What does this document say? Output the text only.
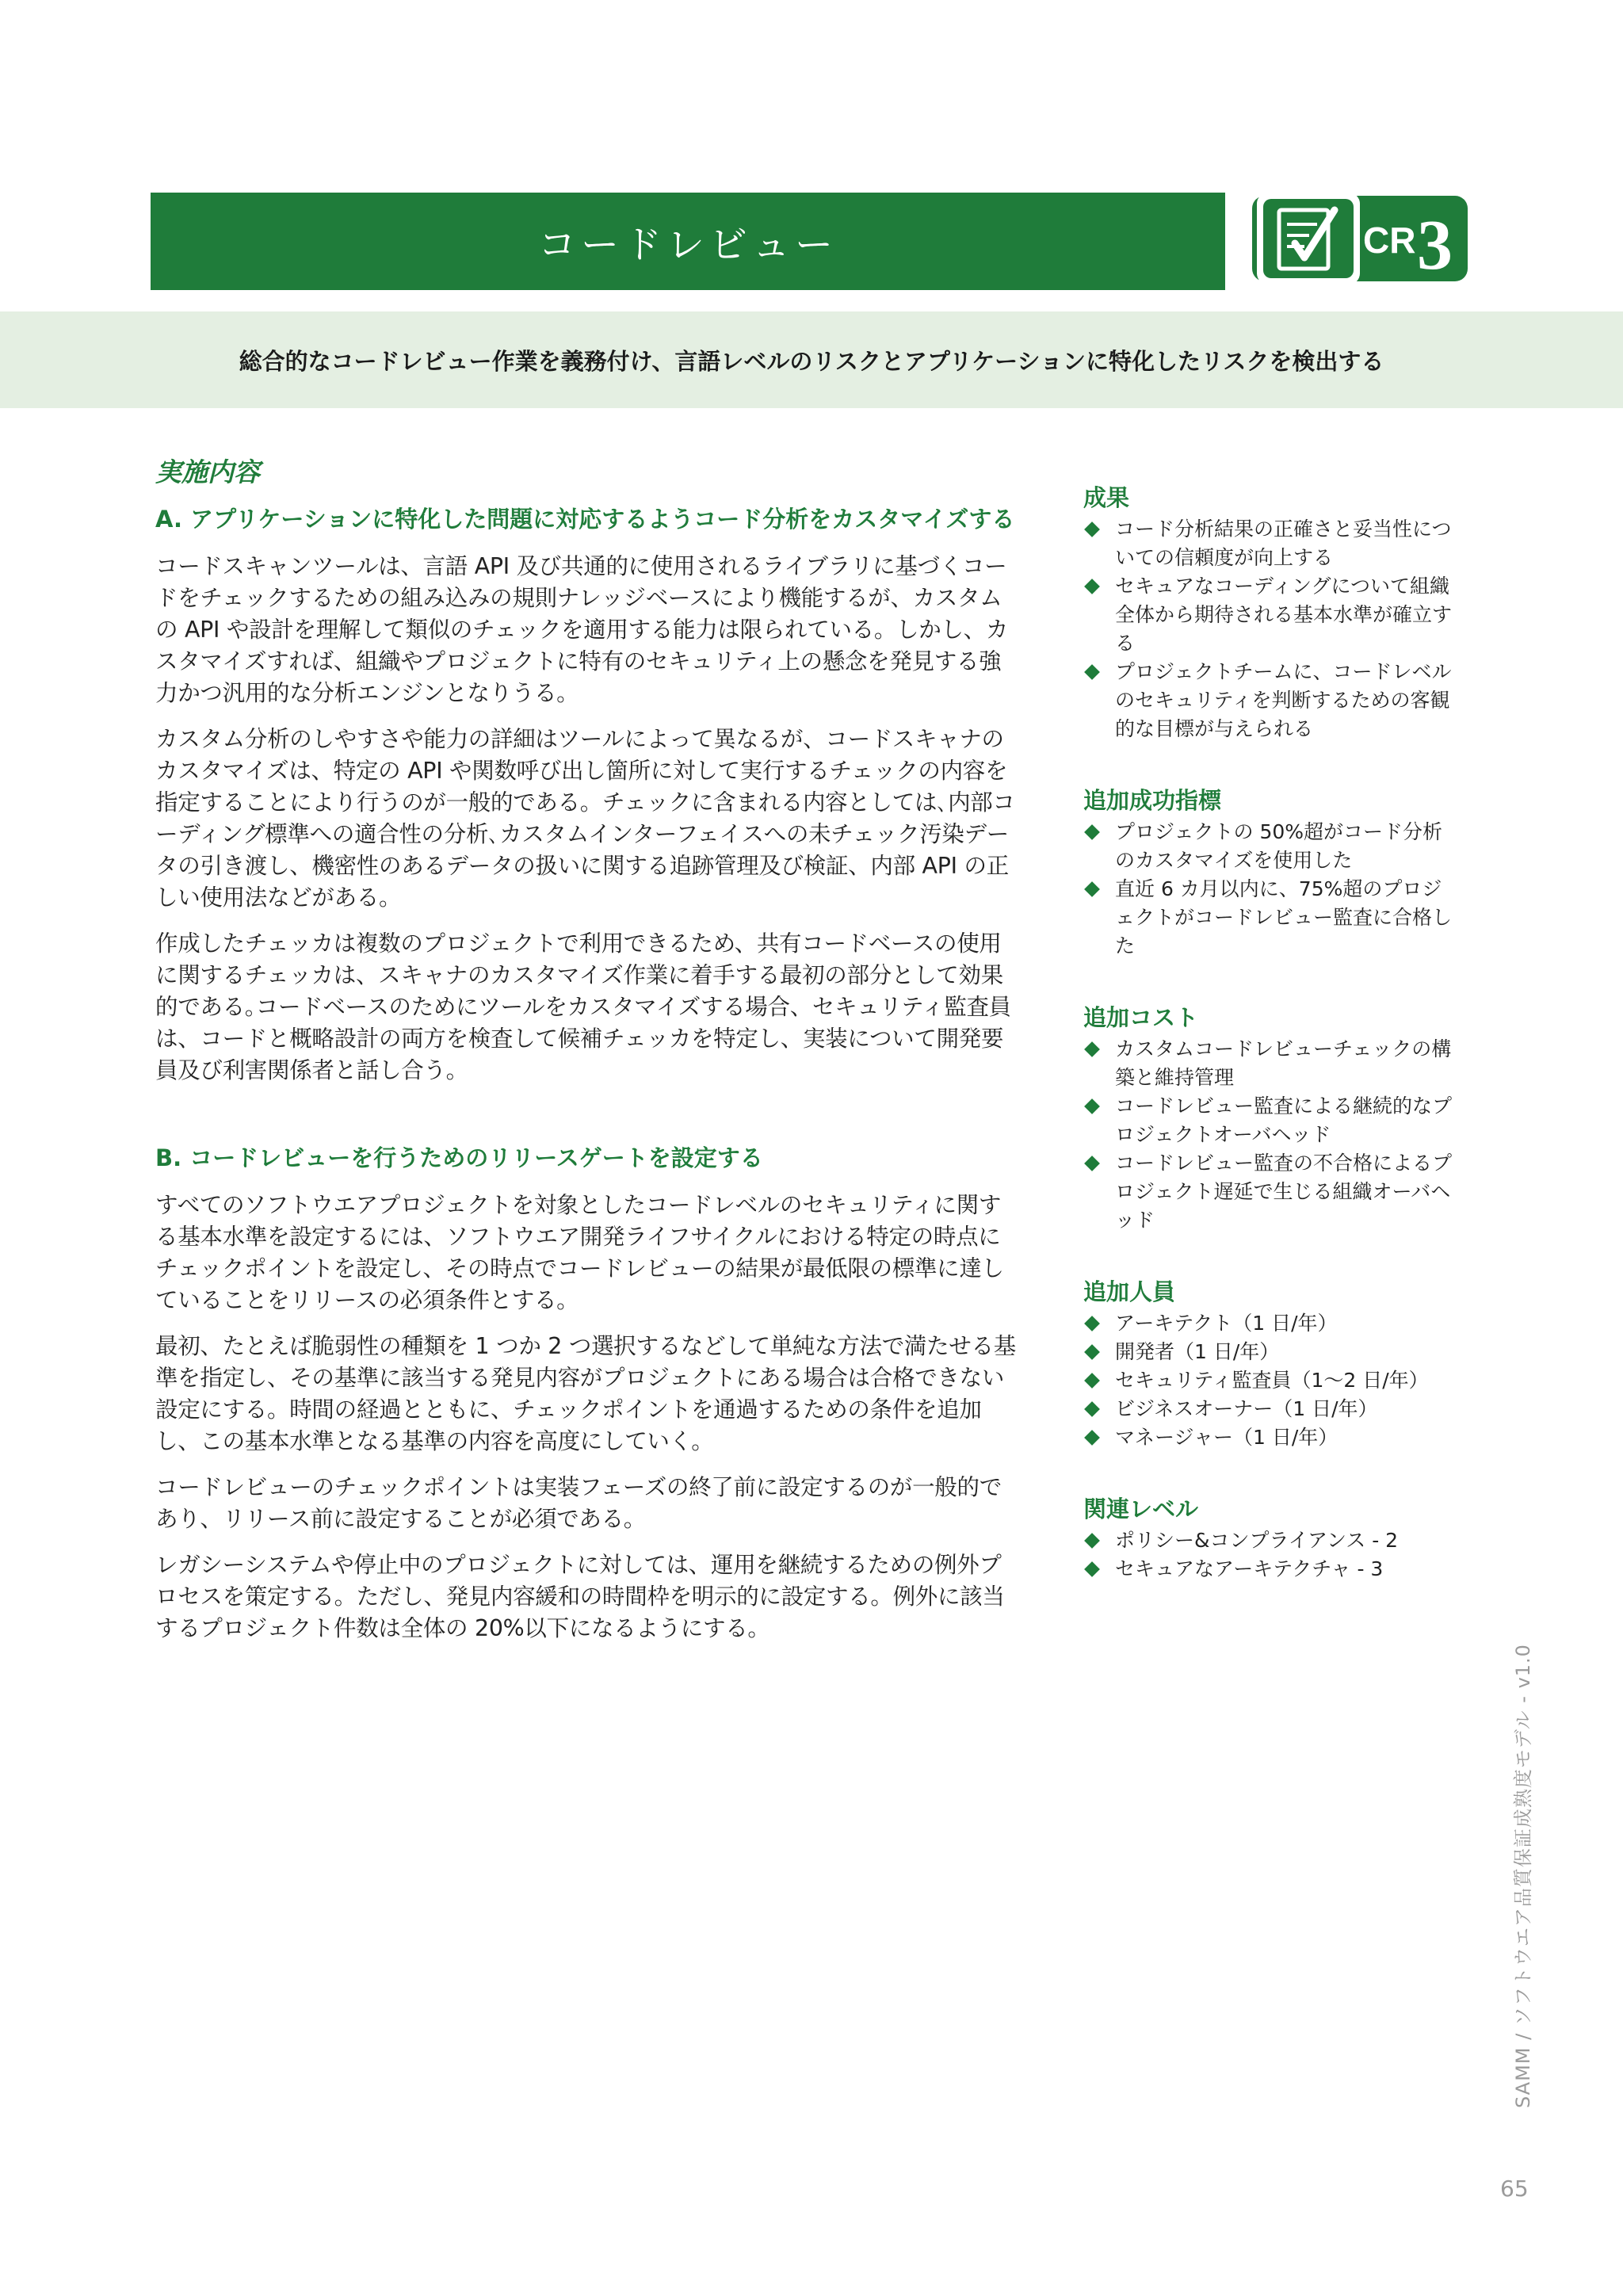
コードレビュー	CR 3

総合的なコードレビュー作業を義務付け、言語レベルのリスクとアプリケーションに特化したリスクを検出する

実施内容
A. アプリケーションに特化した問題に対応するようコード分析をカスタマイズする

コードスキャンツールは、言語 API 及び共通的に使用されるライブラリに基づくコードをチェックするための組み込みの規則ナレッジベースにより機能するが、カスタムの API や設計を理解して類似のチェックを適用する能力は限られている。しかし、カスタマイズすれば、組織やプロジェクトに特有のセキュリティ上の懸念を発見する強力かつ汎用的な分析エンジンとなりうる。

カスタム分析のしやすさや能力の詳細はツールによって異なるが、コードスキャナのカスタマイズは、特定の API や関数呼び出し箇所に対して実行するチェックの内容を指定することにより行うのが一般的である。チェックに含まれる内容としては､内部コーディング標準への適合性の分析､カスタムインターフェイスへの未チェック汚染データの引き渡し、機密性のあるデータの扱いに関する追跡管理及び検証、内部 API の正しい使用法などがある。

作成したチェッカは複数のプロジェクトで利用できるため、共有コードベースの使用に関するチェッカは、スキャナのカスタマイズ作業に着手する最初の部分として効果的である｡コードベースのためにツールをカスタマイズする場合、セキュリティ監査員は、コードと概略設計の両方を検査して候補チェッカを特定し、実装について開発要員及び利害関係者と話し合う。

B. コードレビューを行うためのリリースゲートを設定する

すべてのソフトウエアプロジェクトを対象としたコードレベルのセキュリティに関する基本水準を設定するには、ソフトウエア開発ライフサイクルにおける特定の時点にチェックポイントを設定し、その時点でコードレビューの結果が最低限の標準に達していることをリリースの必須条件とする。

最初、たとえば脆弱性の種類を 1 つか 2 つ選択するなどして単純な方法で満たせる基準を指定し、その基準に該当する発見内容がプロジェクトにある場合は合格できない設定にする。時間の経過とともに、チェックポイントを通過するための条件を追加し、この基本水準となる基準の内容を高度にしていく。

コードレビューのチェックポイントは実装フェーズの終了前に設定するのが一般的であり、リリース前に設定することが必須である。

レガシーシステムや停止中のプロジェクトに対しては、運用を継続するための例外プロセスを策定する。ただし、発見内容緩和の時間枠を明示的に設定する。例外に該当するプロジェクト件数は全体の 20%以下になるようにする。

成果
コード分析結果の正確さと妥当性についての信頼度が向上する
セキュアなコーディングについて組織全体から期待される基本水準が確立する
プロジェクトチームに、コードレベルのセキュリティを判断するための客観的な目標が与えられる
追加成功指標
プロジェクトの 50%超がコード分析のカスタマイズを使用した
直近 6 カ月以内に、75%超のプロジェクトがコードレビュー監査に合格した
追加コスト
カスタムコードレビューチェックの構築と維持管理
コードレビュー監査による継続的なプロジェクトオーバヘッド
コードレビュー監査の不合格によるプロジェクト遅延で生じる組織オーバヘッド
追加人員
アーキテクト（1 日/年）
開発者（1 日/年）
セキュリティ監査員（1～2 日/年）
ビジネスオーナー（1 日/年）
マネージャー（1 日/年）
関連レベル
ポリシー&コンプライアンス - 2
セキュアなアーキテクチャ - 3
SAMM / ソフトウエア品質保証成熟度モデル - v1.0
65
